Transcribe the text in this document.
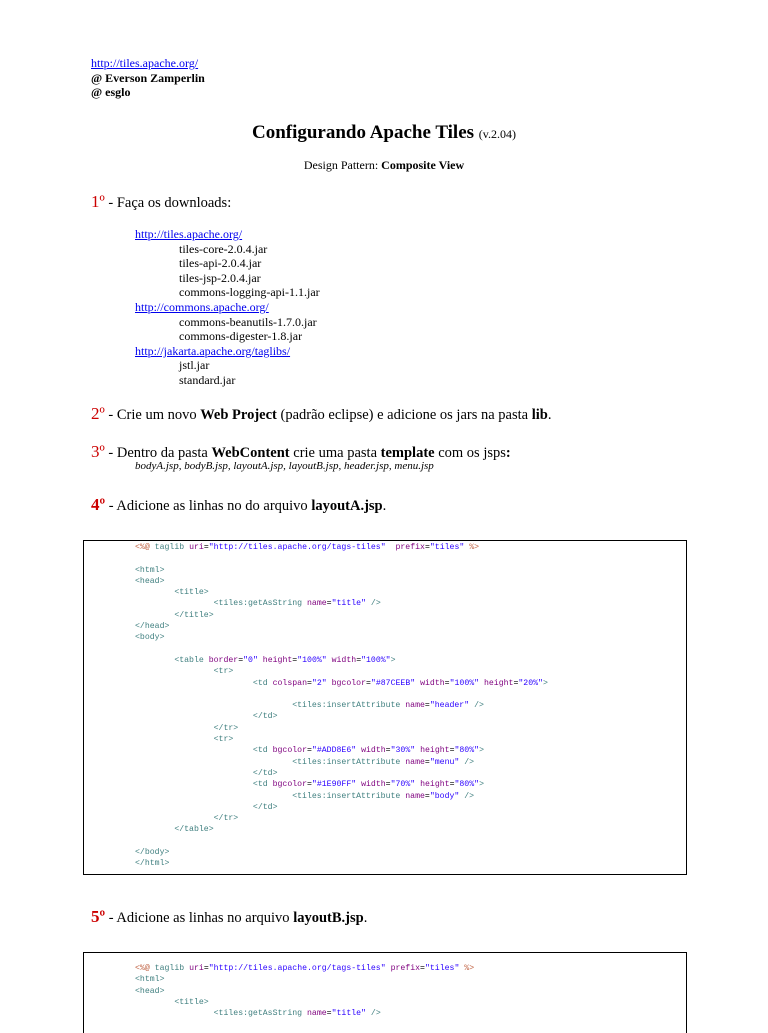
http://tiles.apache.org/
@ Everson Zamperlin
@ esglo
Configurando Apache Tiles (v.2.04)
Design Pattern: Composite View
1º - Faça os downloads:
http://tiles.apache.org/
tiles-core-2.0.4.jar
tiles-api-2.0.4.jar
tiles-jsp-2.0.4.jar
commons-logging-api-1.1.jar
http://commons.apache.org/
commons-beanutils-1.7.0.jar
commons-digester-1.8.jar
http://jakarta.apache.org/taglibs/
jstl.jar
standard.jar
2º - Crie um novo Web Project (padrão eclipse) e adicione os jars na pasta lib.
3º - Dentro da pasta WebContent crie uma pasta template com os jsps:
bodyA.jsp, bodyB.jsp, layoutA.jsp, layoutB.jsp, header.jsp, menu.jsp
4º - Adicione as linhas no do arquivo layoutA.jsp.
<%@ taglib uri="http://tiles.apache.org/tags-tiles" prefix="tiles" %>

<html>
<head>
<title>
<tiles:getAsString name="title" />
</title>
</head>
<body>

<table border="0" height="100%" width="100%">
<tr>
<td colspan="2" bgcolor="#87CEEB" width="100%" height="20%">

<tiles:insertAttribute name="header" />
</td>
</tr>
<tr>
<td bgcolor="#ADD8E6" width="30%" height="80%">
<tiles:insertAttribute name="menu" />
</td>
<td bgcolor="#1E90FF" width="70%" height="80%">
<tiles:insertAttribute name="body" />
</td>
</tr>
</table>

</body>
</html>
5º - Adicione as linhas no arquivo layoutB.jsp.
<%@ taglib uri="http://tiles.apache.org/tags-tiles" prefix="tiles" %>
<html>
<head>
<title>
<tiles:getAsString name="title" />
